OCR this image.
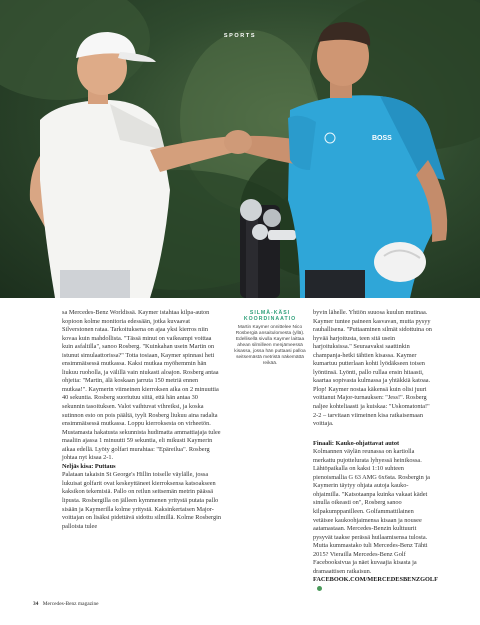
BOSS
SPORTS

sa Mercedes-Benz Worldissä. Kaymer istahtaa kilpa-auton kopioon kolme monitoria edessään, jotka kuvaavat Silverstonen rataa. Tarkoituksena on ajaa yksi kierros niin kovaa kuin mahdollista. "Tässä minut on vaikeampi voittaa kuin asfaltilla", sanoo Rosberg. "Kuinkahan usein Martin on istunut simulaattorissa?" Totta tosiaan, Kaymer spinnasi heti ensimmäisessä mutkassa. Kaksi mutkaa myöhemmin hän liukuu ruoholla, ja välillä vain niukasti aloajon. Rosberg antaa ohjeita: "Martin, älä koskaan jarruta 150 metriä ennen mutkaa!". Kaymerin viimeinen kierroksen aika on 2 minuuttia 40 sekuntia. Rosberg suoriutuu siitä, että hän antaa 30 sekunnin tasoituksen. Valot vaihtuvat vihreiksi, ja koska sutinnon esto on pois päältä, tyyli Rosberg liukuu aina radalta ensimmäisessä mutkassa. Loppu kierroksesta on virheetön. Mustamasta hakatusta sekunnista hudimatta ammattiajaja tulee maaliin ajassa 1 minuutti 59 sekuntia, eli mikusti Kaymerin aikaa edellä. Lyöty golfari murahtaa: "Epäreilua". Rosberg johtaa nyt kisaa 2-1.

Neljäs kisa: Puttaus

Palataan takaisin St George's Hillin toiselle väylälle, jossa lukuisat golfarit ovat keskeyttäneet kierroksensa katsoakseen kaksikon tekemisiä. Pallo on reilun seitsemän metrin päässä lipusta. Rosbergilla on jälleen kymmenen yritystä putata pallo sisään ja Kaymerilla kolme yritystä. Kaksinkertaisen Major-voittajan on lisäksi pidettävä sidottu silmillä. Kolme Rosbergin palloista tulee

SILMÄ-KÄSI
KOORDINAATIO
Martin Kaymer onnittelee Nico Rosbergiä ansaitulomesta (yllä). Edellisellä sivulla Kaymer laittaa ahean silmilleen menjämeessä kisassa, jossa hän puttaasi palloa seitsemästä metristä näkemättä reikää.

byvin lähelle. Yhtiön suuosa kuulun mutinaa. Kaymer tuntee paineen kasvavan, mutta pysyy rauhallisena. "Puttaaminen silmät sidottuina on hyvää harjoitusta, teen sitä usein harjoituksissa." Seuraavaksi saattinkin champanja-hetki tähtien kisassa. Kaymer kumartuu putterlaan kohti lyödäkseen toisen lyöntinsä. Lyönti, pallo rullaa ensin hitaasti, kaartaa sopivasta kulmassa ja yhtäkkiä katoaa. Plop! Kaymer nostaa käkensä kuin olisi juuri voittanut Major-turnauksen: "Jess!". Rosberg naljee kohteliaasti ja kuiskaa: "Uskomatonta!" 2-2 – tarvitaan viimeinen kisa ratkaisemaan voittaja.

Finaali: Kauko-ohjattavat autot

Kolmannen väylän reunassa on kartiolla merkattu pujottelurata lyhyessä heinikossa. Lähtöpaikalla on kaksi 1:10 suhteen pienoismallia G 63 AMG 6x6sta. Rosbergin ja Kaymerin täytyy ohjata autoja kauko-ohjaimilla. "Katsotaanpa kuinka vakaat kädet sinulla oikeasti on", Rosberg sanoo kilpakumppanilleen. Golfammattilainen vetäisee kaukoohjaimensa kisaan ja nousee aatamastaan. Mercedes-Benzin kulttuurit pysyvät taakse perässä huilaamisensa tulosta. Mutta kummastako tuli Mercedes-Benz Tähti 2015? Vierailla Mercedes-Benz Golf Facebooksivua ja näet kuvaajia kisasta ja dramaattisen ratkaisun.

FACEBOOK.COM/MERCEDESBENZGOLF

34 Mercedes-Benz magazine
